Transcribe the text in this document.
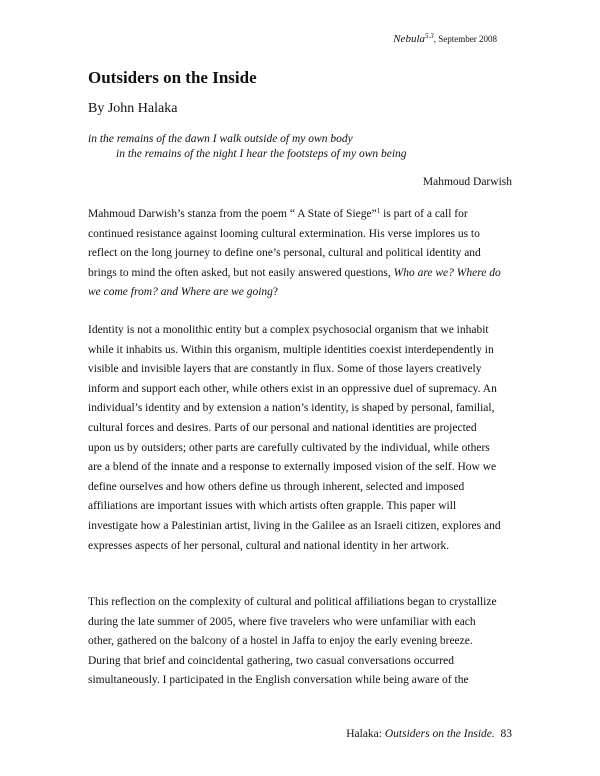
Nebula$^{5.3}$, September 2008
Outsiders on the Inside

By John Halaka

in the remains of the dawn I walk outside of my own body
in the remains of the night I hear the footsteps of my own being
Mahmoud Darwish
Mahmoud Darwish’s stanza from the poem “ A State of Siege”$^1$ is part of a call for
continued resistance against looming cultural extermination. His verse implores us to
reflect on the long journey to define one’s personal, cultural and political identity and
brings to mind the often asked, but not easily answered questions, Who are we? Where do
we come from? and Where are we going?
Identity is not a monolithic entity but a complex psychosocial organism that we inhabit
while it inhabits us. Within this organism, multiple identities coexist interdependently in
visible and invisible layers that are constantly in flux. Some of those layers creatively
inform and support each other, while others exist in an oppressive duel of supremacy. An
individual’s identity and by extension a nation’s identity, is shaped by personal, familial,
cultural forces and desires. Parts of our personal and national identities are projected
upon us by outsiders; other parts are carefully cultivated by the individual, while others
are a blend of the innate and a response to externally imposed vision of the self. How we
define ourselves and how others define us through inherent, selected and imposed
affiliations are important issues with which artists often grapple. This paper will
investigate how a Palestinian artist, living in the Galilee as an Israeli citizen, explores and
expresses aspects of her personal, cultural and national identity in her artwork.
This reflection on the complexity of cultural and political affiliations began to crystallize
during the late summer of 2005, where five travelers who were unfamiliar with each
other, gathered on the balcony of a hostel in Jaffa to enjoy the early evening breeze.
During that brief and coincidental gathering, two casual conversations occurred
simultaneously. I participated in the English conversation while being aware of the
Halaka: Outsiders on the Inside. 83
